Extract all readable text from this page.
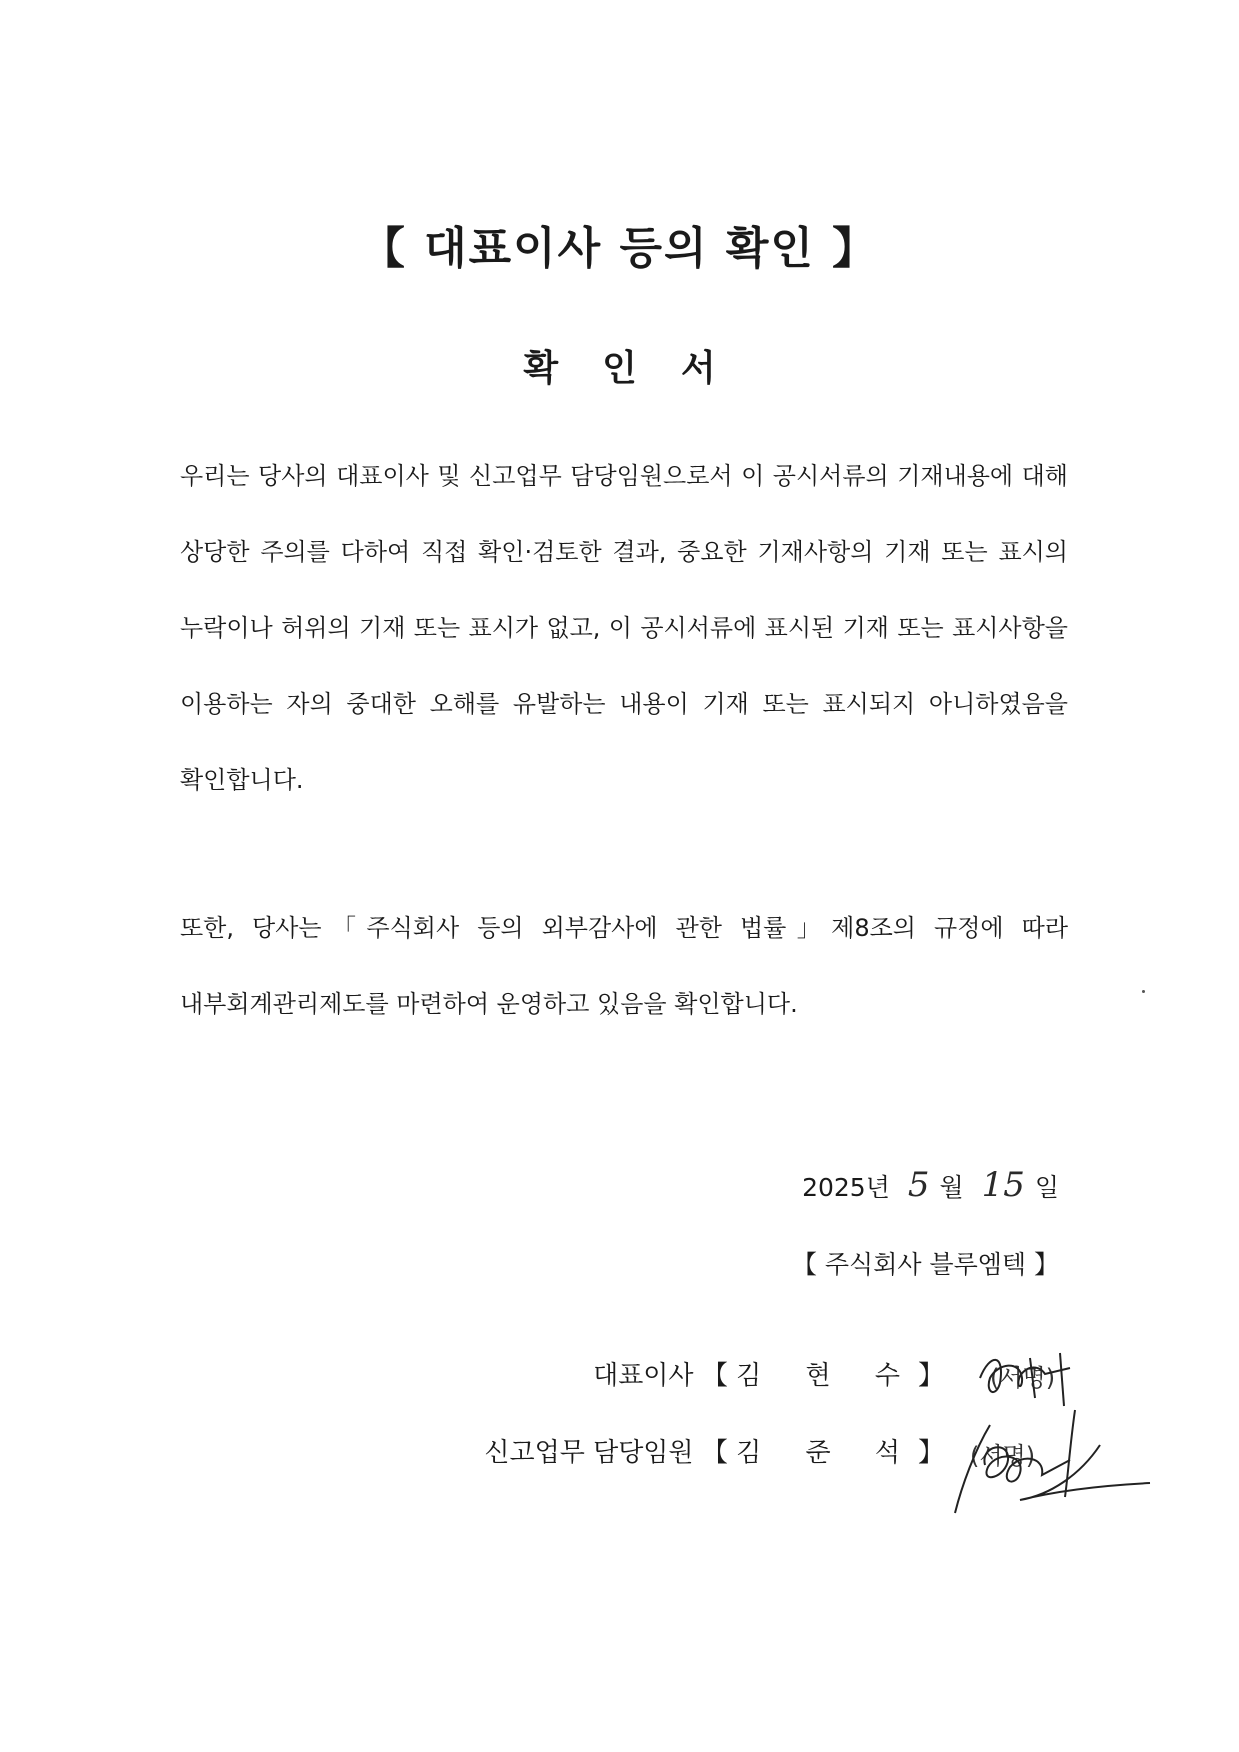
【 대표이사 등의 확인 】
확 인 서
우리는 당사의 대표이사 및 신고업무 담당임원으로서 이 공시서류의 기재내용에 대해 상당한 주의를 다하여 직접 확인·검토한 결과, 중요한 기재사항의 기재 또는 표시의 누락이나 허위의 기재 또는 표시가 없고, 이 공시서류에 표시된 기재 또는 표시사항을 이용하는 자의 중대한 오해를 유발하는 내용이 기재 또는 표시되지 아니하였음을 확인합니다.
또한, 당사는「주식회사 등의 외부감사에 관한 법률」제8조의 규정에 따라 내부회계관리제도를 마련하여 운영하고 있음을 확인합니다.
2025년 5 월 15 일
【 주식회사 블루엠텍 】
대표이사 【 김 현 수】 (서명)
신고업무 담당임원 【 김 준 석】 (서명)
